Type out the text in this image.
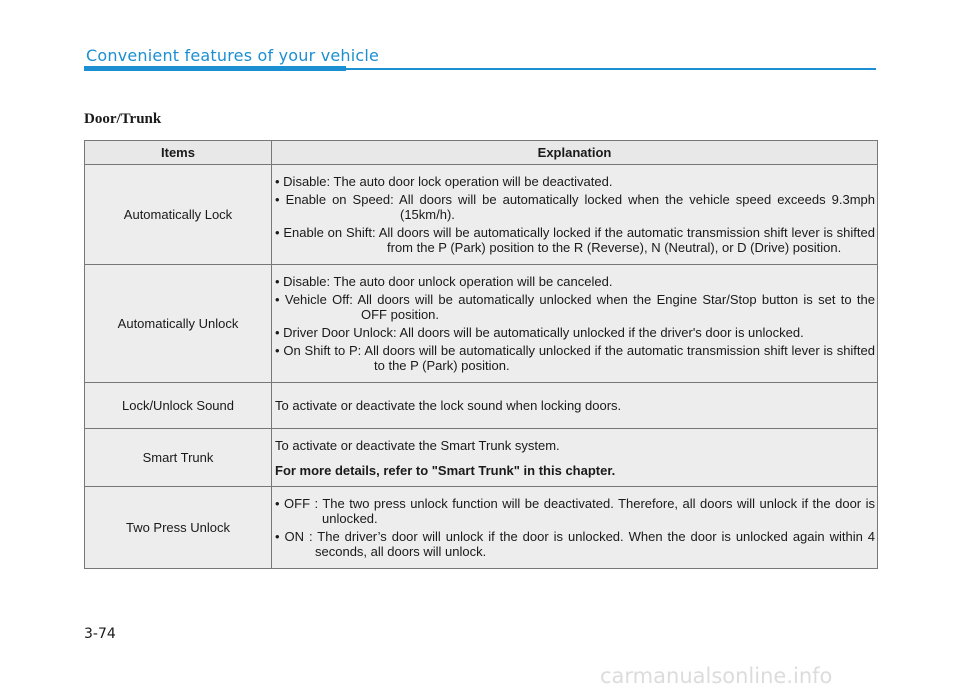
Convenient features of your vehicle
Door/Trunk
Items	Explanation
Automatically Lock	• Disable: The auto door lock operation will be deactivated.
• Enable on Speed: All doors will be automatically locked when the vehicle speed exceeds 9.3mph (15km/h).
• Enable on Shift: All doors will be automatically locked if the automatic transmission shift lever is shifted from the P (Park) position to the R (Reverse), N (Neutral), or D (Drive) position.

Automatically Unlock	• Disable: The auto door unlock operation will be canceled.
• Vehicle Off: All doors will be automatically unlocked when the Engine Star/Stop button is set to the OFF position.
• Driver Door Unlock: All doors will be automatically unlocked if the driver's door is unlocked.
• On Shift to P: All doors will be automatically unlocked if the automatic transmission shift lever is shifted to the P (Park) position.

Lock/Unlock Sound	To activate or deactivate the lock sound when locking doors.

Smart Trunk	To activate or deactivate the Smart Trunk system.
For more details, refer to "Smart Trunk" in this chapter.

Two Press Unlock	• OFF : The two press unlock function will be deactivated. Therefore, all doors will unlock if the door is unlocked.
• ON : The driver’s door will unlock if the door is unlocked. When the door is unlocked again within 4 seconds, all doors will unlock.
3-74
carmanualsonline.info
